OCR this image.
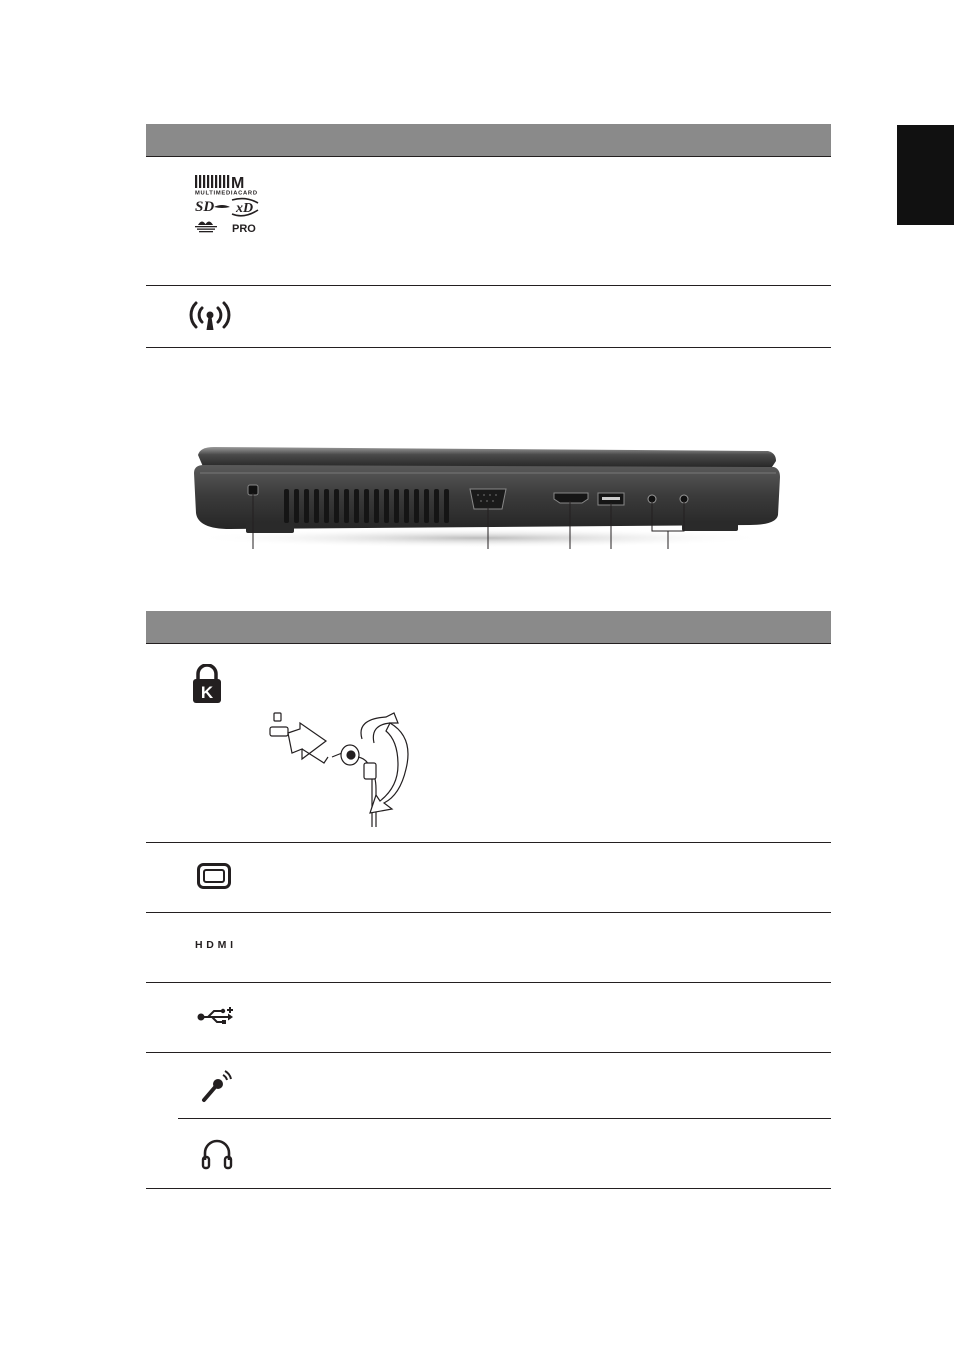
M
MULTIMEDIACARD
SD xD
PRO
K
HDMI
